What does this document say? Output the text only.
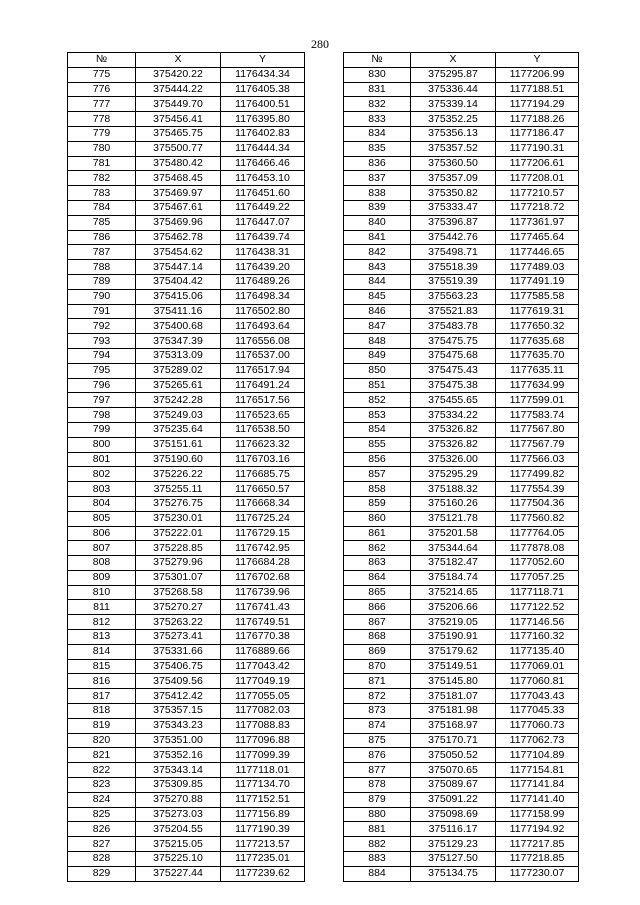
280
№	X	Y
775	375420.22	1176434.34
776	375444.22	1176405.38
777	375449.70	1176400.51
778	375456.41	1176395.80
779	375465.75	1176402.83
780	375500.77	1176444.34
781	375480.42	1176466.46
782	375468.45	1176453.10
783	375469.97	1176451.60
784	375467.61	1176449.22
785	375469.96	1176447.07
786	375462.78	1176439.74
787	375454.62	1176438.31
788	375447.14	1176439.20
789	375404.42	1176489.26
790	375415.06	1176498.34
791	375411.16	1176502.80
792	375400.68	1176493.64
793	375347.39	1176556.08
794	375313.09	1176537.00
795	375289.02	1176517.94
796	375265.61	1176491.24
797	375242.28	1176517.56
798	375249.03	1176523.65
799	375235.64	1176538.50
800	375151.61	1176623.32
801	375190.60	1176703.16
802	375226.22	1176685.75
803	375255.11	1176650.57
804	375276.75	1176668.34
805	375230.01	1176725.24
806	375222.01	1176729.15
807	375228.85	1176742.95
808	375279.96	1176684.28
809	375301.07	1176702.68
810	375268.58	1176739.96
811	375270.27	1176741.43
812	375263.22	1176749.51
813	375273.41	1176770.38
814	375331.66	1176889.66
815	375406.75	1177043.42
816	375409.56	1177049.19
817	375412.42	1177055.05
818	375357.15	1177082.03
819	375343.23	1177088.83
820	375351.00	1177096.88
821	375352.16	1177099.39
822	375343.14	1177118.01
823	375309.85	1177134.70
824	375270.88	1177152.51
825	375273.03	1177156.89
826	375204.55	1177190.39
827	375215.05	1177213.57
828	375225.10	1177235.01
829	375227.44	1177239.62
№	X	Y
830	375295.87	1177206.99
831	375336.44	1177188.51
832	375339.14	1177194.29
833	375352.25	1177188.26
834	375356.13	1177186.47
835	375357.52	1177190.31
836	375360.50	1177206.61
837	375357.09	1177208.01
838	375350.82	1177210.57
839	375333.47	1177218.72
840	375396.87	1177361.97
841	375442.76	1177465.64
842	375498.71	1177446.65
843	375518.39	1177489.03
844	375519.39	1177491.19
845	375563.23	1177585.58
846	375521.83	1177619.31
847	375483.78	1177650.32
848	375475.75	1177635.68
849	375475.68	1177635.70
850	375475.43	1177635.11
851	375475.38	1177634.99
852	375455.65	1177599.01
853	375334.22	1177583.74
854	375326.82	1177567.80
855	375326.82	1177567.79
856	375326.00	1177566.03
857	375295.29	1177499.82
858	375188.32	1177554.39
859	375160.26	1177504.36
860	375121.78	1177560.82
861	375201.58	1177764.05
862	375344.64	1177878.08
863	375182.47	1177052.60
864	375184.74	1177057.25
865	375214.65	1177118.71
866	375206.66	1177122.52
867	375219.05	1177146.56
868	375190.91	1177160.32
869	375179.62	1177135.40
870	375149.51	1177069.01
871	375145.80	1177060.81
872	375181.07	1177043.43
873	375181.98	1177045.33
874	375168.97	1177060.73
875	375170.71	1177062.73
876	375050.52	1177104.89
877	375070.65	1177154.81
878	375089.67	1177141.84
879	375091.22	1177141.40
880	375098.69	1177158.99
881	375116.17	1177194.92
882	375129.23	1177217.85
883	375127.50	1177218.85
884	375134.75	1177230.07
